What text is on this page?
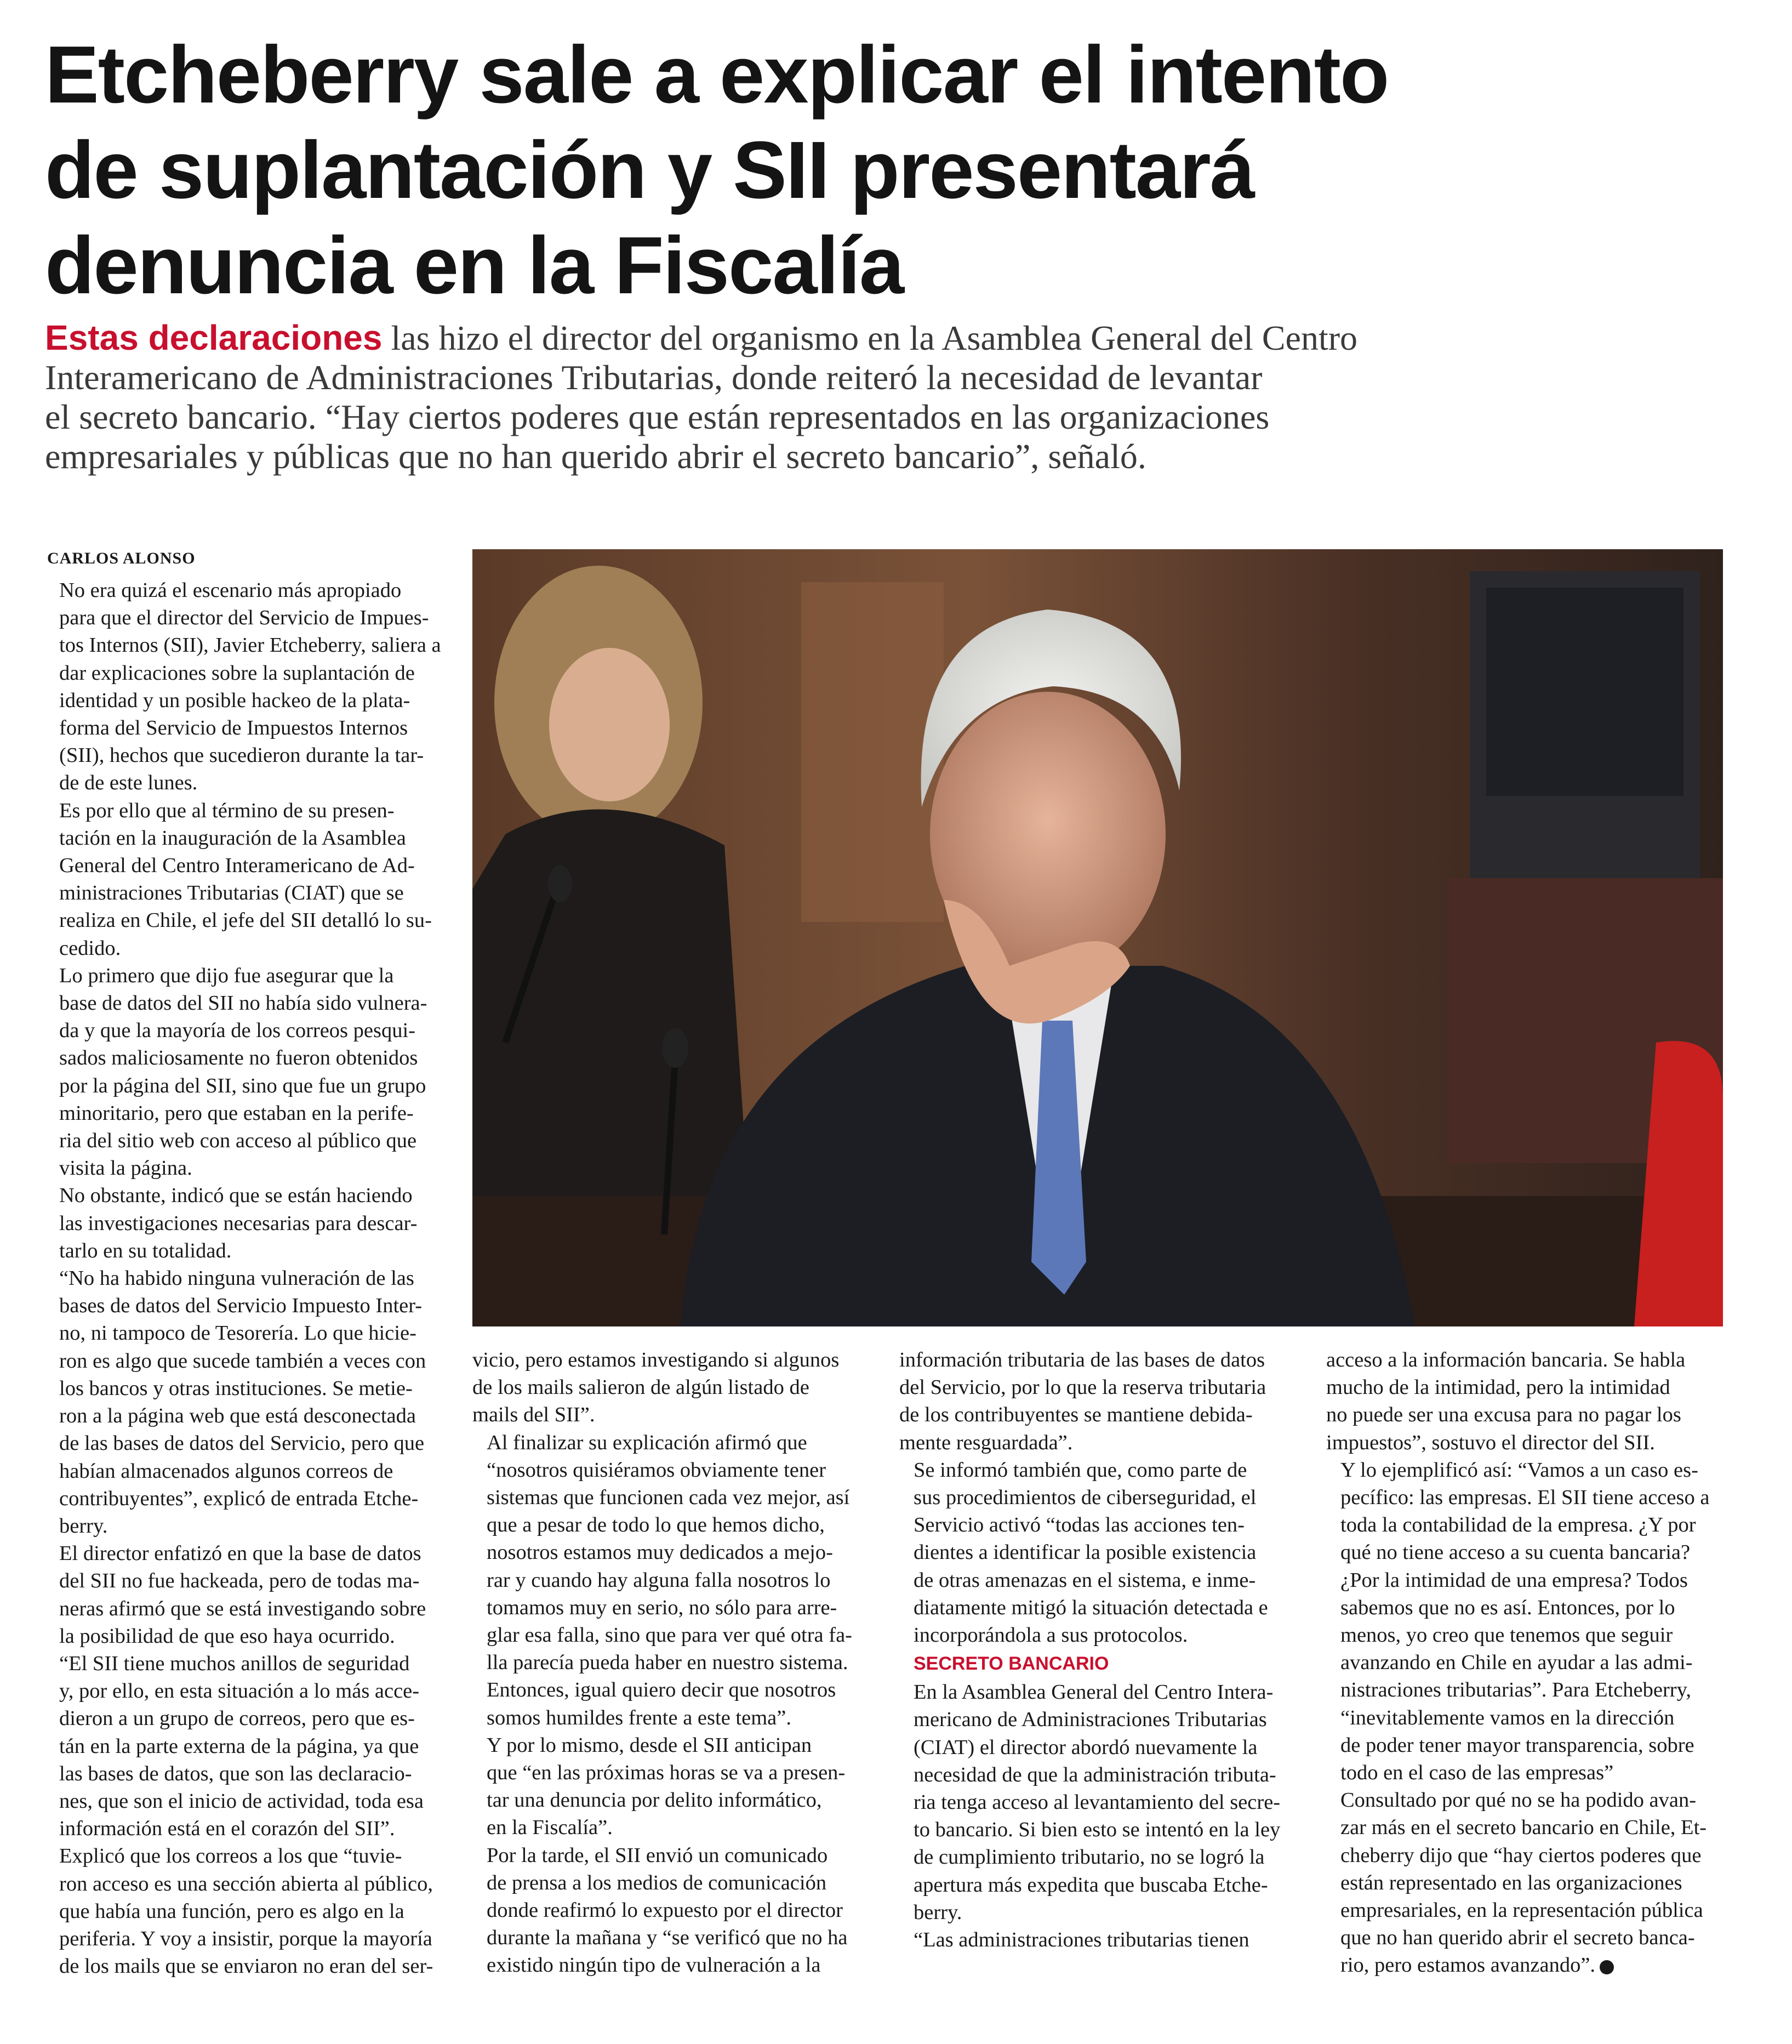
Etcheberry sale a explicar el intento
de suplantación y SII presentará
denuncia en la Fiscalía

Estas declaraciones las hizo el director del organismo en la Asamblea General del Centro
Interamericano de Administraciones Tributarias, donde reiteró la necesidad de levantar
el secreto bancario. “Hay ciertos poderes que están representados en las organizaciones
empresariales y públicas que no han querido abrir el secreto bancario”, señaló.

CARLOS ALONSO

No era quizá el escenario más apropiado
para que el director del Servicio de Impues-
tos Internos (SII), Javier Etcheberry, saliera a
dar explicaciones sobre la suplantación de
identidad y un posible hackeo de la plata-
forma del Servicio de Impuestos Internos
(SII), hechos que sucedieron durante la tar-
de de este lunes.

Es por ello que al término de su presen-
tación en la inauguración de la Asamblea
General del Centro Interamericano de Ad-
ministraciones Tributarias (CIAT) que se
realiza en Chile, el jefe del SII detalló lo su-
cedido.

Lo primero que dijo fue asegurar que la
base de datos del SII no había sido vulnera-
da y que la mayoría de los correos pesqui-
sados maliciosamente no fueron obtenidos
por la página del SII, sino que fue un grupo
minoritario, pero que estaban en la perife-
ria del sitio web con acceso al público que
visita la página.

No obstante, indicó que se están haciendo
las investigaciones necesarias para descar-
tarlo en su totalidad.

“No ha habido ninguna vulneración de las
bases de datos del Servicio Impuesto Inter-
no, ni tampoco de Tesorería. Lo que hicie-
ron es algo que sucede también a veces con
los bancos y otras instituciones. Se metie-
ron a la página web que está desconectada
de las bases de datos del Servicio, pero que
habían almacenados algunos correos de
contribuyentes”, explicó de entrada Etche-
berry.

El director enfatizó en que la base de datos
del SII no fue hackeada, pero de todas ma-
neras afirmó que se está investigando sobre
la posibilidad de que eso haya ocurrido.

“El SII tiene muchos anillos de seguridad
y, por ello, en esta situación a lo más acce-
dieron a un grupo de correos, pero que es-
tán en la parte externa de la página, ya que
las bases de datos, que son las declaracio-
nes, que son el inicio de actividad, toda esa
información está en el corazón del SII”.

Explicó que los correos a los que “tuvie-
ron acceso es una sección abierta al público,
que había una función, pero es algo en la
periferia. Y voy a insistir, porque la mayoría
de los mails que se enviaron no eran del ser-

vicio, pero estamos investigando si algunos
de los mails salieron de algún listado de
mails del SII”.

Al finalizar su explicación afirmó que
“nosotros quisiéramos obviamente tener
sistemas que funcionen cada vez mejor, así
que a pesar de todo lo que hemos dicho,
nosotros estamos muy dedicados a mejo-
rar y cuando hay alguna falla nosotros lo
tomamos muy en serio, no sólo para arre-
glar esa falla, sino que para ver qué otra fa-
lla parecía pueda haber en nuestro sistema.
Entonces, igual quiero decir que nosotros
somos humildes frente a este tema”.

Y por lo mismo, desde el SII anticipan
que “en las próximas horas se va a presen-
tar una denuncia por delito informático,
en la Fiscalía”.

Por la tarde, el SII envió un comunicado
de prensa a los medios de comunicación
donde reafirmó lo expuesto por el director
durante la mañana y “se verificó que no ha
existido ningún tipo de vulneración a la

información tributaria de las bases de datos
del Servicio, por lo que la reserva tributaria
de los contribuyentes se mantiene debida-
mente resguardada”.

Se informó también que, como parte de
sus procedimientos de ciberseguridad, el
Servicio activó “todas las acciones ten-
dientes a identificar la posible existencia
de otras amenazas en el sistema, e inme-
diatamente mitigó la situación detectada e
incorporándola a sus protocolos.

SECRETO BANCARIO

En la Asamblea General del Centro Intera-
mericano de Administraciones Tributarias
(CIAT) el director abordó nuevamente la
necesidad de que la administración tributa-
ria tenga acceso al levantamiento del secre-
to bancario. Si bien esto se intentó en la ley
de cumplimiento tributario, no se logró la
apertura más expedita que buscaba Etche-
berry.

“Las administraciones tributarias tienen

acceso a la información bancaria. Se habla
mucho de la intimidad, pero la intimidad
no puede ser una excusa para no pagar los
impuestos”, sostuvo el director del SII.

Y lo ejemplificó así: “Vamos a un caso es-
pecífico: las empresas. El SII tiene acceso a
toda la contabilidad de la empresa. ¿Y por
qué no tiene acceso a su cuenta bancaria?
¿Por la intimidad de una empresa? Todos
sabemos que no es así. Entonces, por lo
menos, yo creo que tenemos que seguir
avanzando en Chile en ayudar a las admi-
nistraciones tributarias”. Para Etcheberry,
“inevitablemente vamos en la dirección
de poder tener mayor transparencia, sobre
todo en el caso de las empresas”

Consultado por qué no se ha podido avan-
zar más en el secreto bancario en Chile, Et-
cheberry dijo que “hay ciertos poderes que
están representado en las organizaciones
empresariales, en la representación pública
que no han querido abrir el secreto banca-
rio, pero estamos avanzando”. P
